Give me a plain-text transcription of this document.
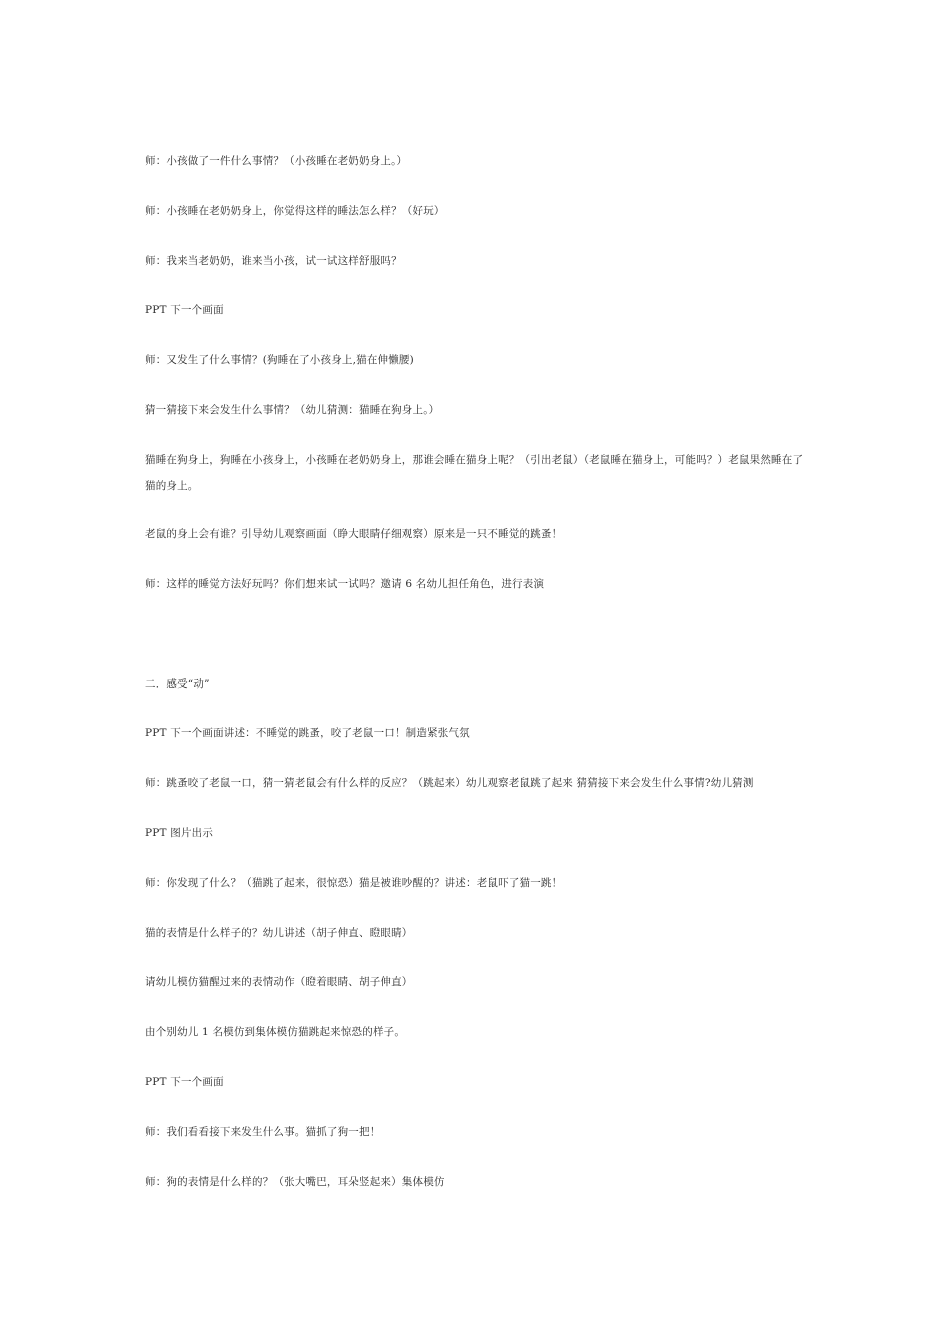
师：小孩做了一件什么事情？（小孩睡在老奶奶身上。）

师：小孩睡在老奶奶身上，你觉得这样的睡法怎么样？（好玩）

师：我来当老奶奶，谁来当小孩，试一试这样舒服吗？

PPT 下一个画面

师：又发生了什么事情？(狗睡在了小孩身上,猫在伸懒腰)

猜一猜接下来会发生什么事情？（幼儿猜测：猫睡在狗身上。）

猫睡在狗身上，狗睡在小孩身上，小孩睡在老奶奶身上，那谁会睡在猫身上呢？（引出老鼠）（老鼠睡在猫身上，可能吗？）老鼠果然睡在了猫的身上。

老鼠的身上会有谁？引导幼儿观察画面（睁大眼睛仔细观察）原来是一只不睡觉的跳蚤！

师：这样的睡觉方法好玩吗？你们想来试一试吗？邀请 6 名幼儿担任角色，进行表演

二．感受“动”

PPT 下一个画面讲述：不睡觉的跳蚤，咬了老鼠一口！制造紧张气氛

师：跳蚤咬了老鼠一口，猜一猜老鼠会有什么样的反应？（跳起来）幼儿观察老鼠跳了起来 猜猜接下来会发生什么事情?幼儿猜测

PPT 图片出示

师：你发现了什么？（猫跳了起来，很惊恐）猫是被谁吵醒的？讲述：老鼠吓了猫一跳！

猫的表情是什么样子的？幼儿讲述（胡子伸直、瞪眼睛）

请幼儿模仿猫醒过来的表情动作（瞪着眼睛、胡子伸直）

由个别幼儿 1 名模仿到集体模仿猫跳起来惊恐的样子。

PPT 下一个画面

师：我们看看接下来发生什么事。猫抓了狗一把！

师：狗的表情是什么样的？（张大嘴巴，耳朵竖起来）集体模仿
